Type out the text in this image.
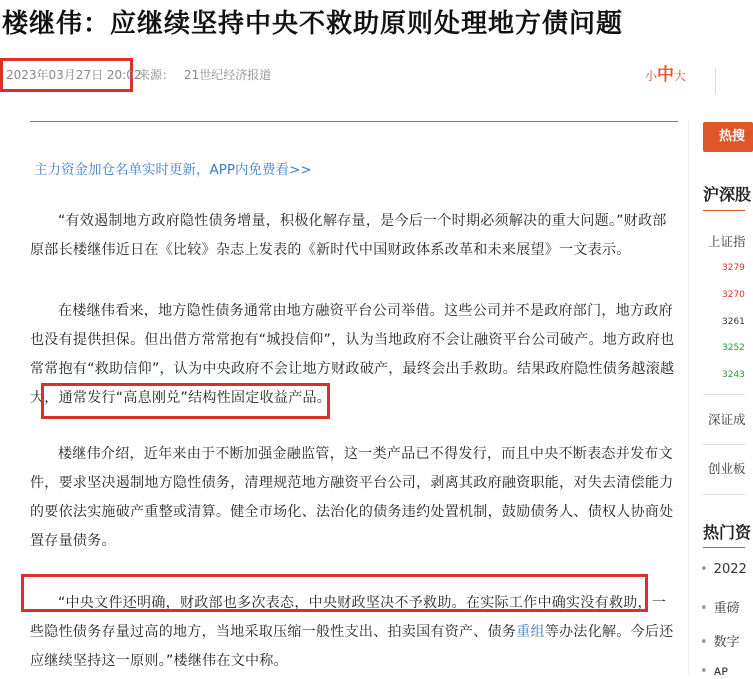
楼继伟：应继续坚持中央不救助原则处理地方债问题
2023年03月27日 20:02
来源： 21世纪经济报道	小中大
主力资金加仓名单实时更新，APP内免费看>>
“有效遏制地方政府隐性债务增量，积极化解存量，是今后一个时期必须解决的重大问题。”财政部原部长楼继伟近日在《比较》杂志上发表的《新时代中国财政体系改革和未来展望》一文表示。
在楼继伟看来，地方隐性债务通常由地方融资平台公司举借。这些公司并不是政府部门，地方政府也没有提供担保。但出借方常常抱有“城投信仰”，认为当地政府不会让融资平台公司破产。地方政府也常常抱有“救助信仰”，认为中央政府不会让地方财政破产，最终会出手救助。结果政府隐性债务越滚越大，通常发行“高息刚兑”结构性固定收益产品。
楼继伟介绍，近年来由于不断加强金融监管，这一类产品已不得发行，而且中央不断表态并发布文件，要求坚决遏制地方隐性债务，清理规范地方融资平台公司，剥离其政府融资职能，对失去清偿能力的要依法实施破产重整或清算。健全市场化、法治化的债务违约处置机制，鼓励债务人、债权人协商处置存量债务。
“中央文件还明确，财政部也多次表态，中央财政坚决不予救助。在实际工作中确实没有救助，一些隐性债务存量过高的地方，当地采取压缩一般性支出、拍卖国有资产、债务重组等办法化解。今后还应继续坚持这一原则。”楼继伟在文中称。
热搜
沪深股
上证指
3279
3270
3261
3252
3243
深证成
创业板
热门资
• 2022
• 重磅
• 数字
• ᴀᴘ
